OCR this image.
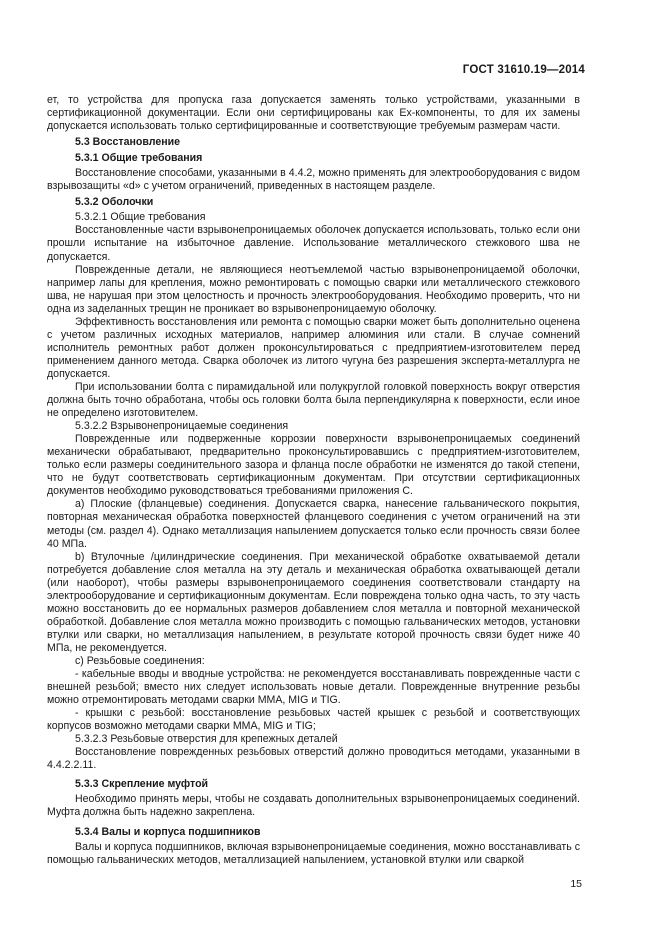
ГОСТ 31610.19—2014

ет, то устройства для пропуска газа допускается заменять только устройствами, указанными в сертификационной документации. Если они сертифицированы как Ex-компоненты, то для их замены допускается использовать только сертифицированные и соответствующие требуемым размерам части.

5.3 Восстановление

5.3.1 Общие требования

Восстановление способами, указанными в 4.4.2, можно применять для электрооборудования с видом взрывозащиты «d» с учетом ограничений, приведенных в настоящем разделе.

5.3.2 Оболочки

5.3.2.1 Общие требования

Восстановленные части взрывонепроницаемых оболочек допускается использовать, только если они прошли испытание на избыточное давление. Использование металлического стежкового шва не допускается.

Поврежденные детали, не являющиеся неотъемлемой частью взрывонепроницаемой оболочки, например лапы для крепления, можно ремонтировать с помощью сварки или металлического стежкового шва, не нарушая при этом целостность и прочность электрооборудования. Необходимо проверить, что ни одна из заделанных трещин не проникает во взрывонепроницаемую оболочку.

Эффективность восстановления или ремонта с помощью сварки может быть дополнительно оценена с учетом различных исходных материалов, например алюминия или стали. В случае сомнений исполнитель ремонтных работ должен проконсультироваться с предприятием-изготовителем перед применением данного метода. Сварка оболочек из литого чугуна без разрешения эксперта-металлурга не допускается.

При использовании болта с пирамидальной или полукруглой головкой поверхность вокруг отверстия должна быть точно обработана, чтобы ось головки болта была перпендикулярна к поверхности, если иное не определено изготовителем.

5.3.2.2 Взрывонепроницаемые соединения

Поврежденные или подверженные коррозии поверхности взрывонепроницаемых соединений механически обрабатывают, предварительно проконсультировавшись с предприятием-изготовителем, только если размеры соединительного зазора и фланца после обработки не изменятся до такой степени, что не будут соответствовать сертификационным документам. При отсутствии сертификационных документов необходимо руководствоваться требованиями приложения С.

а) Плоские (фланцевые) соединения. Допускается сварка, нанесение гальванического покрытия, повторная механическая обработка поверхностей фланцевого соединения с учетом ограничений на эти методы (см. раздел 4). Однако металлизация напылением допускается только если прочность связи более 40 МПа.

b) Втулочные /цилиндрические соединения. При механической обработке охватываемой детали потребуется добавление слоя металла на эту деталь и механическая обработка охватывающей детали (или наоборот), чтобы размеры взрывонепроницаемого соединения соответствовали стандарту на электрооборудование и сертификационным документам. Если повреждена только одна часть, то эту часть можно восстановить до ее нормальных размеров добавлением слоя металла и повторной механической обработкой. Добавление слоя металла можно производить с помощью гальванических методов, установки втулки или сварки, но металлизация напылением, в результате которой прочность связи будет ниже 40 МПа, не рекомендуется.

с) Резьбовые соединения:

- кабельные вводы и вводные устройства: не рекомендуется восстанавливать поврежденные части с внешней резьбой; вместо них следует использовать новые детали. Поврежденные внутренние резьбы можно отремонтировать методами сварки MMA, MIG и TIG.

- крышки с резьбой: восстановление резьбовых частей крышек с резьбой и соответствующих корпусов возможно методами сварки MMA, MIG и TIG;

5.3.2.3 Резьбовые отверстия для крепежных деталей

Восстановление поврежденных резьбовых отверстий должно проводиться методами, указанными в 4.4.2.2.11.

5.3.3 Скрепление муфтой

Необходимо принять меры, чтобы не создавать дополнительных взрывонепроницаемых соединений. Муфта должна быть надежно закреплена.

5.3.4 Валы и корпуса подшипников

Валы и корпуса подшипников, включая взрывонепроницаемые соединения, можно восстанавливать с помощью гальванических методов, металлизацией напылением, установкой втулки или сваркой

15
